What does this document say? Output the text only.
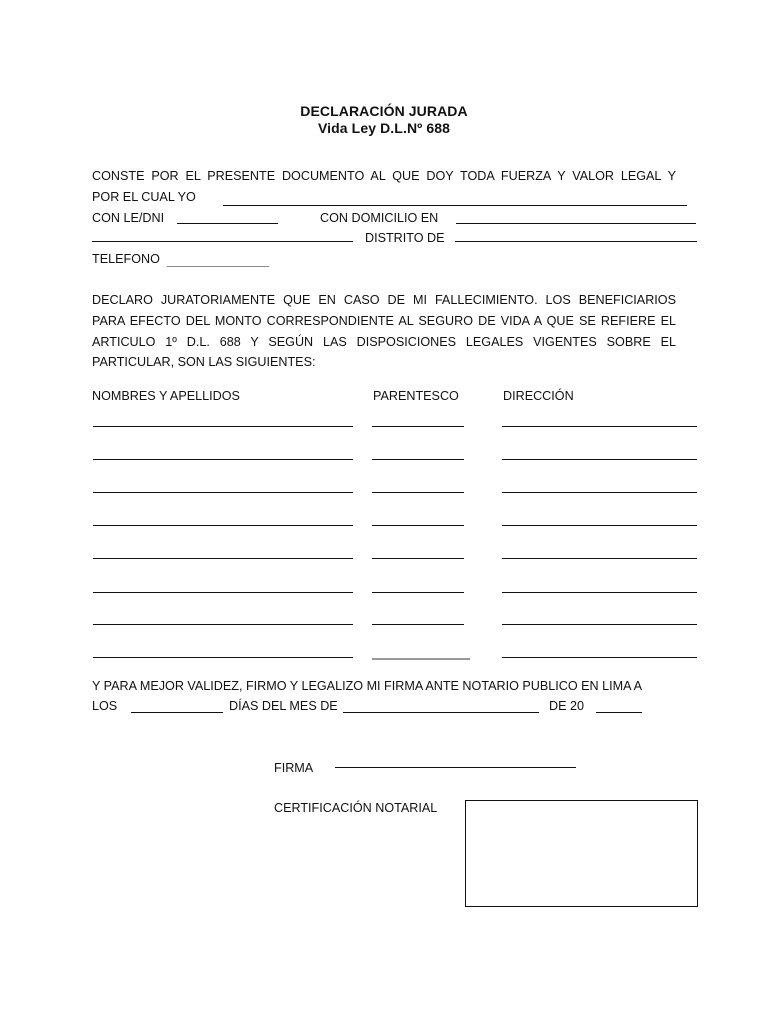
DECLARACIÓN JURADA
Vida Ley D.L.Nº 688
CONSTE POR EL PRESENTE DOCUMENTO AL QUE DOY TODA FUERZA Y VALOR LEGAL Y
POR EL CUAL YO
CON LE/DNI	CON DOMICILIO EN
DISTRITO DE
TELEFONO
DECLARO JURATORIAMENTE QUE EN CASO DE MI FALLECIMIENTO. LOS BENEFICIARIOS
PARA EFECTO DEL MONTO CORRESPONDIENTE AL SEGURO DE VIDA A QUE SE REFIERE EL
ARTICULO 1º D.L. 688 Y SEGÚN LAS DISPOSICIONES LEGALES VIGENTES SOBRE EL
PARTICULAR, SON LAS SIGUIENTES:
NOMBRES Y APELLIDOS	PARENTESCO	DIRECCIÓN
Y PARA MEJOR VALIDEZ, FIRMO Y LEGALIZO MI FIRMA ANTE NOTARIO PUBLICO EN LIMA A
LOS	DÍAS DEL MES DE	DE 20
FIRMA
CERTIFICACIÓN NOTARIAL
